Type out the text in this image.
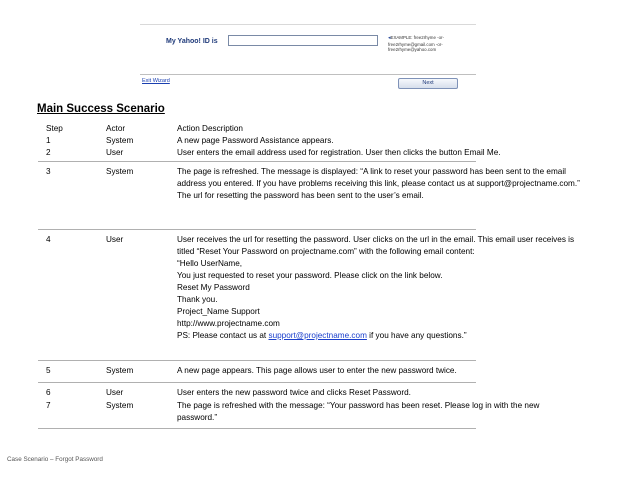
My Yahoo! ID is	◂EXAMPLE: free2rhyme -or-
free2rhyme@gmail.com -or-
free2rhyme@yahoo.com
Exit Wizard	Next
Main Success Scenario
Step	Actor	Action Description
1	System	A new page Password Assistance appears.
2	User	User enters the email address used for registration. User then clicks the button Email Me.
3	System	The page is refreshed. The message is displayed: “A link to reset your password has been sent to the email
address you entered. If you have problems receiving this link, please contact us at support@projectname.com.”
The url for resetting the password has been sent to the user’s email.
4	User	User receives the url for resetting the password. User clicks on the url in the email. This email user receives is
titled “Reset Your Password on projectname.com” with the following email content:
“Hello UserName,
You just requested to reset your password. Please click on the link below.
Reset My Password
Thank you.
Project_Name Support
http://www.projectname.com
PS: Please contact us at support@projectname.com if you have any questions.”
5	System	A new page appears. This page allows user to enter the new password twice.
6	User	User enters the new password twice and clicks Reset Password.
7	System	The page is refreshed with the message: “Your password has been reset. Please log in with the new
password.”
Case Scenario – Forgot Password
